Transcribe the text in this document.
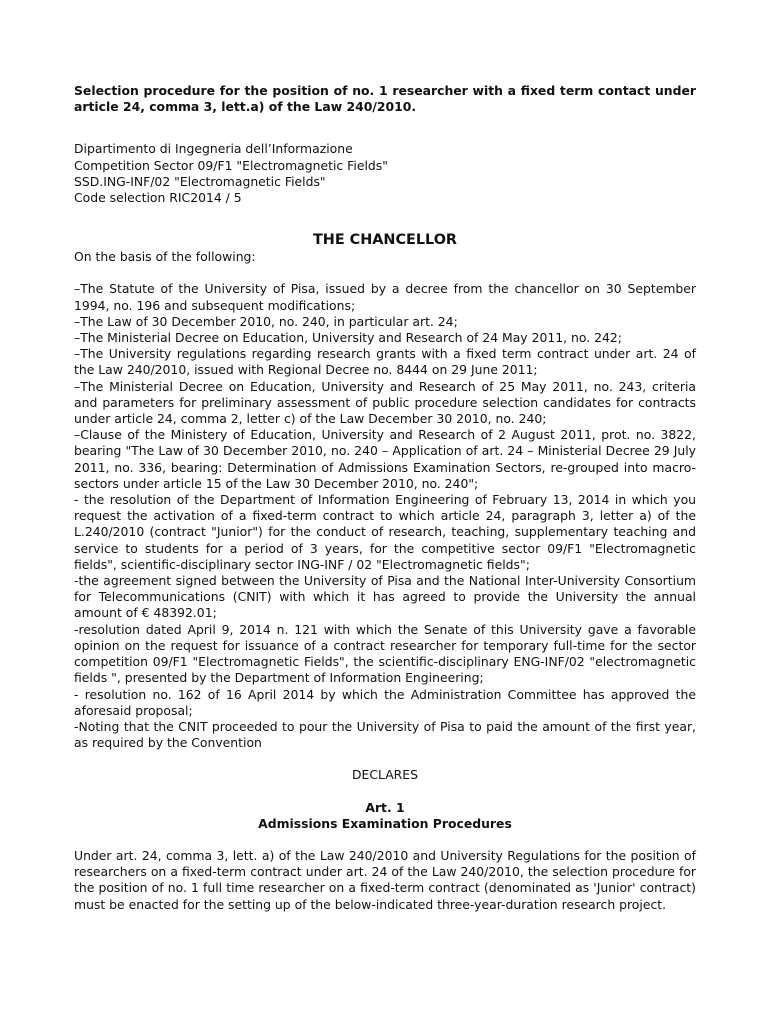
Selection procedure for the position of no. 1 researcher with a fixed term contact under article 24, comma 3, lett.a) of the Law 240/2010.

Dipartimento di Ingegneria dell’Informazione
Competition Sector 09/F1 "Electromagnetic Fields"
SSD.ING-INF/02 "Electromagnetic Fields"
Code selection RIC2014 / 5
THE CHANCELLOR

On the basis of the following:

–The Statute of the University of Pisa, issued by a decree from the chancellor on 30 September 1994, no. 196 and subsequent modifications;

–The Law of 30 December 2010, no. 240, in particular art. 24;

–The Ministerial Decree on Education, University and Research of 24 May 2011, no. 242;

–The University regulations regarding research grants with a fixed term contract under art. 24 of the Law 240/2010, issued with Regional Decree no. 8444 on 29 June 2011;

–The Ministerial Decree on Education, University and Research of 25 May 2011, no. 243, criteria and parameters for preliminary assessment of public procedure selection candidates for contracts under article 24, comma 2, letter c) of the Law December 30 2010, no. 240;

–Clause of the Ministery of Education, University and Research of 2 August 2011, prot. no. 3822, bearing "The Law of 30 December 2010, no. 240 – Application of art. 24 – Ministerial Decree 29 July 2011, no. 336, bearing: Determination of Admissions Examination Sectors, re-grouped into macro-sectors under article 15 of the Law 30 December 2010, no. 240";

- the resolution of the Department of Information Engineering of February 13, 2014 in which you request the activation of a fixed-term contract to which article 24, paragraph 3, letter a) of the L.240/2010 (contract "Junior") for the conduct of research, teaching, supplementary teaching and service to students for a period of 3 years, for the competitive sector 09/F1 "Electromagnetic fields", scientific-disciplinary sector ING-INF / 02 "Electromagnetic fields";

-the agreement signed between the University of Pisa and the National Inter-University Consortium for Telecommunications (CNIT) with which it has agreed to provide the University the annual amount of € 48392.01;

-resolution dated April 9, 2014 n. 121 with which the Senate of this University gave a favorable opinion on the request for issuance of a contract researcher for temporary full-time for the sector competition 09/F1 "Electromagnetic Fields", the scientific-disciplinary ENG-INF/02 "electromagnetic fields ", presented by the Department of Information Engineering;

- resolution no. 162 of 16 April 2014 by which the Administration Committee has approved the aforesaid proposal;

-Noting that the CNIT proceeded to pour the University of Pisa to paid the amount of the first year, as required by the Convention

DECLARES
Art. 1
Admissions Examination Procedures

Under art. 24, comma 3, lett. a) of the Law 240/2010 and University Regulations for the position of researchers on a fixed-term contract under art. 24 of the Law 240/2010, the selection procedure for the position of no. 1 full time researcher on a fixed-term contract (denominated as 'Junior' contract) must be enacted for the setting up of the below-indicated three-year-duration research project.
